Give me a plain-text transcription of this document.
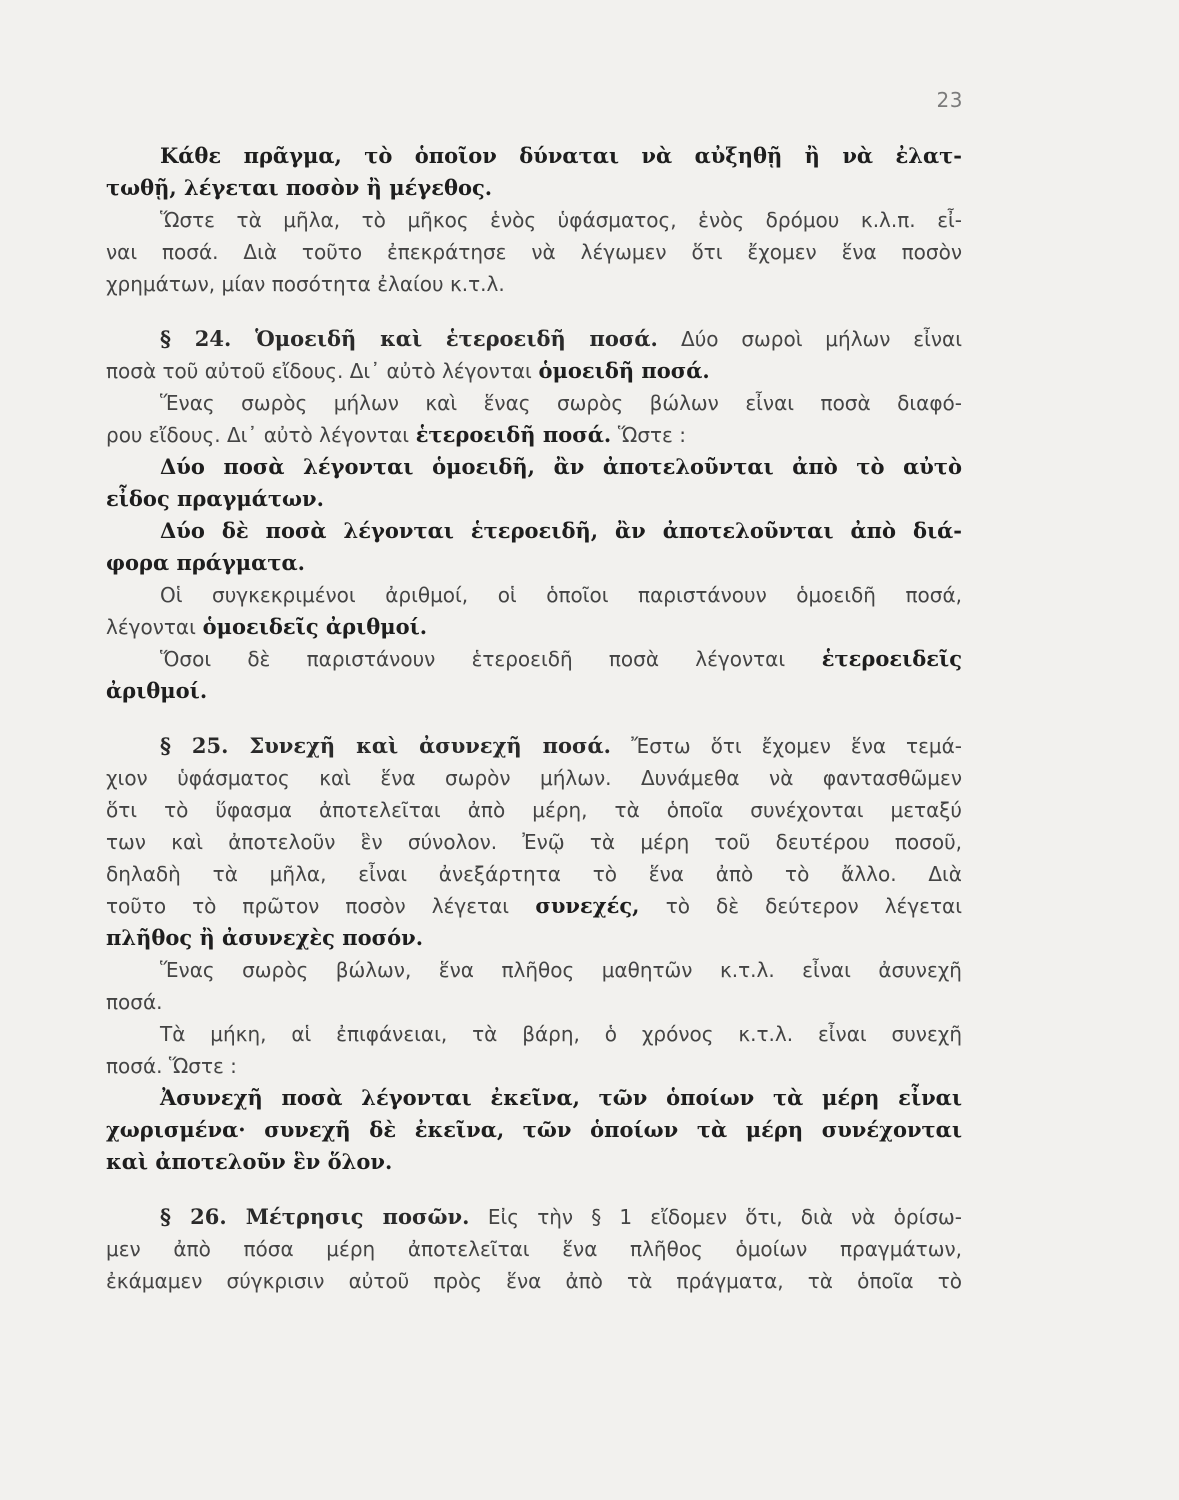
23
Κάθε πρᾶγμα, τὸ ὁποῖον δύναται νὰ αὐξηθῇ ἢ νὰ ἐλατ-
τωθῇ, λέγεται ποσὸν ἢ μέγεθος.
Ὥστε τὰ μῆλα, τὸ μῆκος ἑνὸς ὑφάσματος, ἑνὸς δρόμου κ.λ.π. εἶ-
ναι ποσά. Διὰ τοῦτο ἐπεκράτησε νὰ λέγωμεν ὅτι ἔχομεν ἕνα ποσὸν
χρημάτων, μίαν ποσότητα ἐλαίου κ.τ.λ.
§ 24. Ὁμοειδῆ καὶ ἑτεροειδῆ ποσά. Δύο σωροὶ μήλων εἶναι
ποσὰ τοῦ αὐτοῦ εἴδους. Δι᾽ αὐτὸ λέγονται ὁμοειδῆ ποσά.
Ἕνας σωρὸς μήλων καὶ ἕνας σωρὸς βώλων εἶναι ποσὰ διαφό-
ρου εἴδους. Δι᾽ αὐτὸ λέγονται ἑτεροειδῆ ποσά. Ὥστε :
Δύο ποσὰ λέγονται ὁμοειδῆ, ἂν ἀποτελοῦνται ἀπὸ τὸ αὐτὸ
εἶδος πραγμάτων.
Δύο δὲ ποσὰ λέγονται ἑτεροειδῆ, ἂν ἀποτελοῦνται ἀπὸ διά-
φορα πράγματα.
Οἱ συγκεκριμένοι ἀριθμοί, οἱ ὁποῖοι παριστάνουν ὁμοειδῆ ποσά,
λέγονται ὁμοειδεῖς ἀριθμοί.
Ὅσοι δὲ παριστάνουν ἑτεροειδῆ ποσὰ λέγονται ἑτεροειδεῖς
ἀριθμοί.
§ 25. Συνεχῆ καὶ ἀσυνεχῆ ποσά. Ἔστω ὅτι ἔχομεν ἕνα τεμά-
χιον ὑφάσματος καὶ ἕνα σωρὸν μήλων. Δυνάμεθα νὰ φαντασθῶμεν
ὅτι τὸ ὕφασμα ἀποτελεῖται ἀπὸ μέρη, τὰ ὁποῖα συνέχονται μεταξύ
των καὶ ἀποτελοῦν ἓν σύνολον. Ἐνῷ τὰ μέρη τοῦ δευτέρου ποσοῦ,
δηλαδὴ τὰ μῆλα, εἶναι ἀνεξάρτητα τὸ ἕνα ἀπὸ τὸ ἄλλο. Διὰ
τοῦτο τὸ πρῶτον ποσὸν λέγεται συνεχές, τὸ δὲ δεύτερον λέγεται
πλῆθος ἢ ἀσυνεχὲς ποσόν.
Ἕνας σωρὸς βώλων, ἕνα πλῆθος μαθητῶν κ.τ.λ. εἶναι ἀσυνεχῆ
ποσά.
Τὰ μήκη, αἱ ἐπιφάνειαι, τὰ βάρη, ὁ χρόνος κ.τ.λ. εἶναι συνεχῆ
ποσά. Ὥστε :
Ἀσυνεχῆ ποσὰ λέγονται ἐκεῖνα, τῶν ὁποίων τὰ μέρη εἶναι
χωρισμένα· συνεχῆ δὲ ἐκεῖνα, τῶν ὁποίων τὰ μέρη συνέχονται
καὶ ἀποτελοῦν ἓν ὅλον.
§ 26. Μέτρησις ποσῶν. Εἰς τὴν § 1 εἴδομεν ὅτι, διὰ νὰ ὁρίσω-
μεν ἀπὸ πόσα μέρη ἀποτελεῖται ἕνα πλῆθος ὁμοίων πραγμάτων,
ἐκάμαμεν σύγκρισιν αὐτοῦ πρὸς ἕνα ἀπὸ τὰ πράγματα, τὰ ὁποῖα τὸ
